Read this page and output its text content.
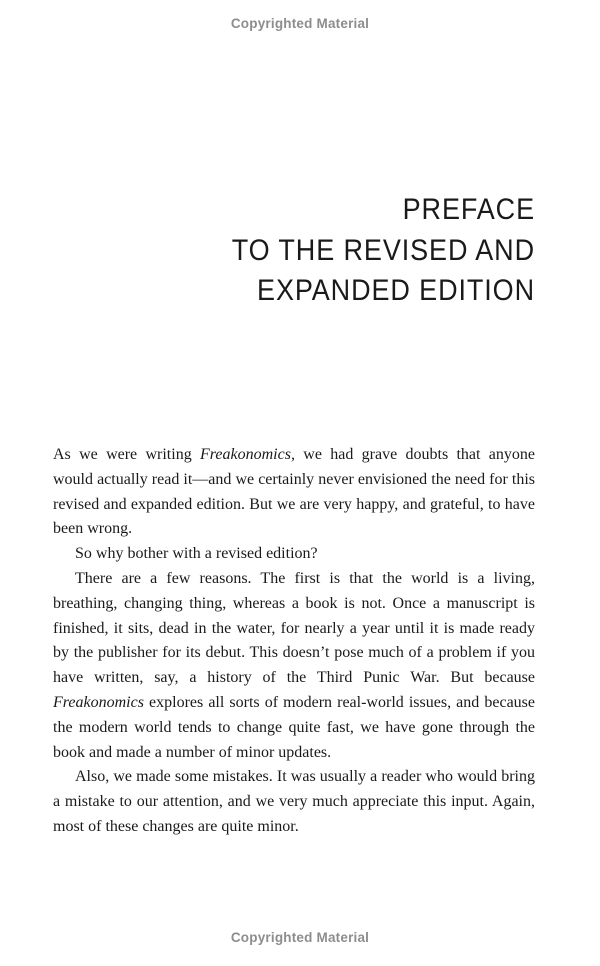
Copyrighted Material
PREFACE
TO THE REVISED AND
EXPANDED EDITION

As we were writing Freakonomics, we had grave doubts that anyone would actually read it—and we certainly never envisioned the need for this revised and expanded edition. But we are very happy, and grateful, to have been wrong.

So why bother with a revised edition?

There are a few reasons. The first is that the world is a living, breathing, changing thing, whereas a book is not. Once a manuscript is finished, it sits, dead in the water, for nearly a year until it is made ready by the publisher for its debut. This doesn’t pose much of a problem if you have written, say, a history of the Third Punic War. But because Freakonomics explores all sorts of modern real-world issues, and because the modern world tends to change quite fast, we have gone through the book and made a number of minor updates.

Also, we made some mistakes. It was usually a reader who would bring a mistake to our attention, and we very much appreciate this input. Again, most of these changes are quite minor.

Copyrighted Material
